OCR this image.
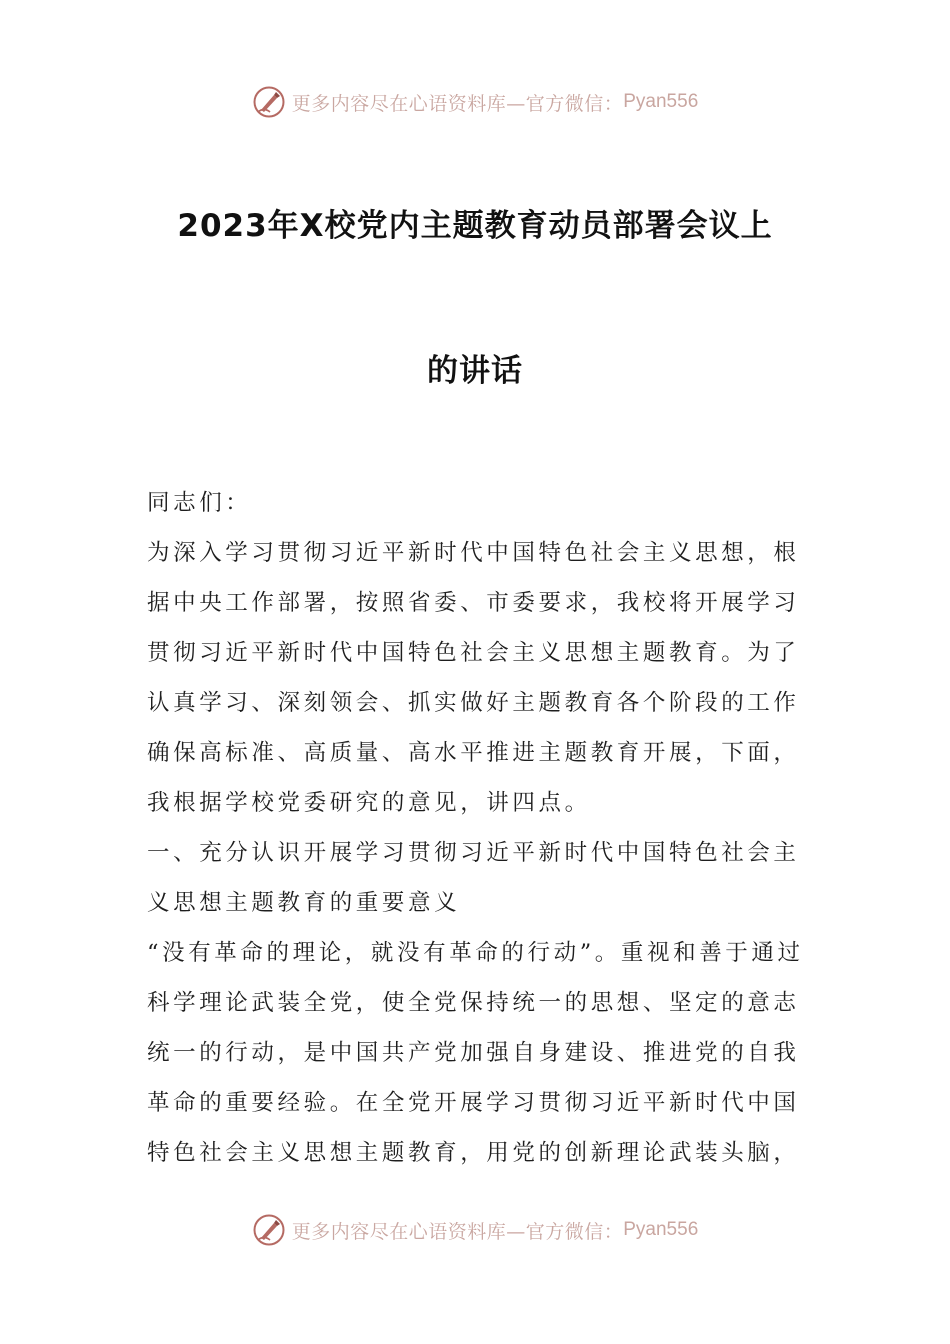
更多内容尽在心语资料库—官方微信： Pyan556
2023年X校党内主题教育动员部署会议上
的讲话
同志们：
为深入学习贯彻习近平新时代中国特色社会主义思想，根
据中央工作部署，按照省委、市委要求，我校将开展学习
贯彻习近平新时代中国特色社会主义思想主题教育。为了
认真学习、深刻领会、抓实做好主题教育各个阶段的工作
确保高标准、高质量、高水平推进主题教育开展，下面，
我根据学校党委研究的意见，讲四点。
一、充分认识开展学习贯彻习近平新时代中国特色社会主
义思想主题教育的重要意义
“没有革命的理论，就没有革命的行动”。重视和善于通过
科学理论武装全党，使全党保持统一的思想、坚定的意志
统一的行动，是中国共产党加强自身建设、推进党的自我
革命的重要经验。在全党开展学习贯彻习近平新时代中国
特色社会主义思想主题教育，用党的创新理论武装头脑，
更多内容尽在心语资料库—官方微信： Pyan556
